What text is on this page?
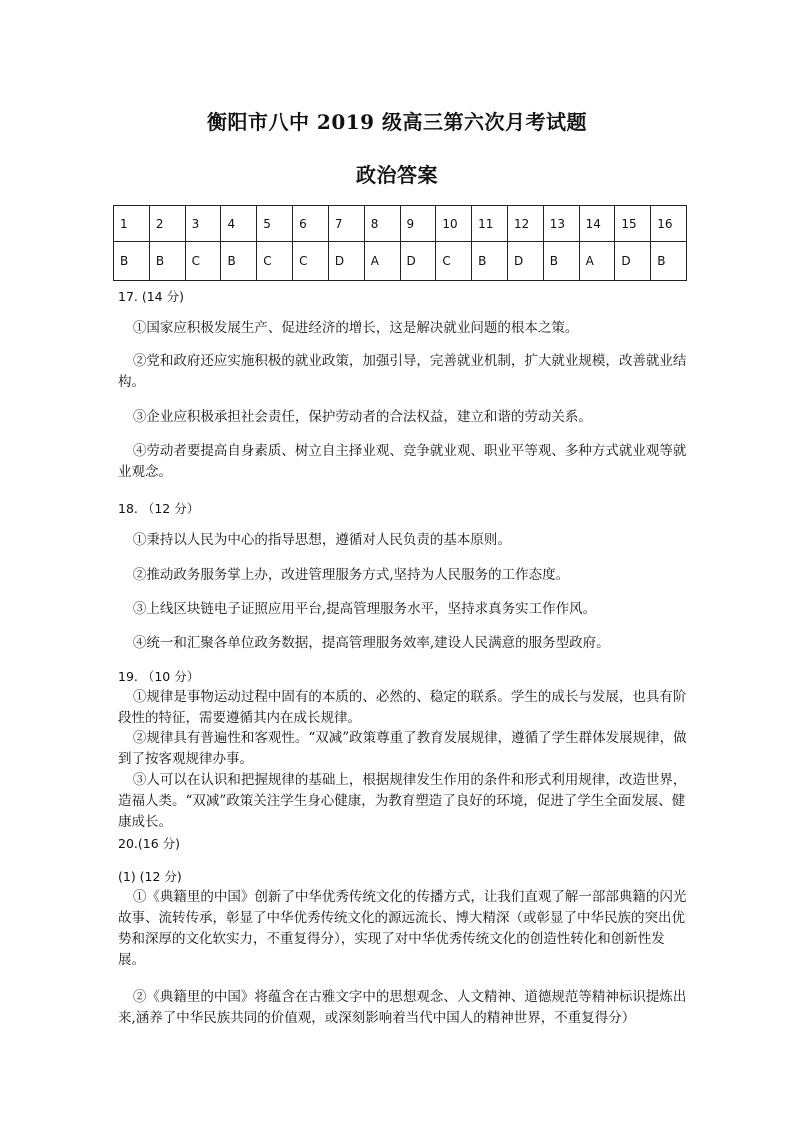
衡阳市八中 2019 级高三第六次月考试题
政治答案
1	2	3	4	5	6	7	8	9	10	11	12	13	14	15	16
B	B	C	B	C	C	D	A	D	C	B	D	B	A	D	B
17. (14 分)

①国家应积极发展生产、促进经济的增长，这是解决就业问题的根本之策。

②党和政府还应实施积极的就业政策，加强引导，完善就业机制，扩大就业规模，改善就业结构。

③企业应积极承担社会责任，保护劳动者的合法权益，建立和谐的劳动关系。

④劳动者要提高自身素质、树立自主择业观、竞争就业观、职业平等观、多种方式就业观等就业观念。

18. （12 分）

①秉持以人民为中心的指导思想，遵循对人民负责的基本原则。

②推动政务服务掌上办，改进管理服务方式,坚持为人民服务的工作态度。

③上线区块链电子证照应用平台,提高管理服务水平，坚持求真务实工作作风。

④统一和汇聚各单位政务数据，提高管理服务效率,建设人民满意的服务型政府。

19. （10 分）

①规律是事物运动过程中固有的本质的、必然的、稳定的联系。学生的成长与发展，也具有阶段性的特征，需要遵循其内在成长规律。

②规律具有普遍性和客观性。“双减”政策尊重了教育发展规律，遵循了学生群体发展规律，做到了按客观规律办事。

③人可以在认识和把握规律的基础上，根据规律发生作用的条件和形式利用规律，改造世界，造福人类。“双减”政策关注学生身心健康，为教育塑造了良好的环境，促进了学生全面发展、健康成长。

20.(16 分)
(1) (12 分)

①《典籍里的中国》创新了中华优秀传统文化的传播方式，让我们直观了解一部部典籍的闪光故事、流转传承，彰显了中华优秀传统文化的源远流长、博大精深（或彰显了中华民族的突出优势和深厚的文化软实力，不重复得分），实现了对中华优秀传统文化的创造性转化和创新性发展。

②《典籍里的中国》将蕴含在古雅文字中的思想观念、人文精神、道德规范等精神标识提炼出来,涵养了中华民族共同的价值观，或深刻影响着当代中国人的精神世界，不重复得分）
